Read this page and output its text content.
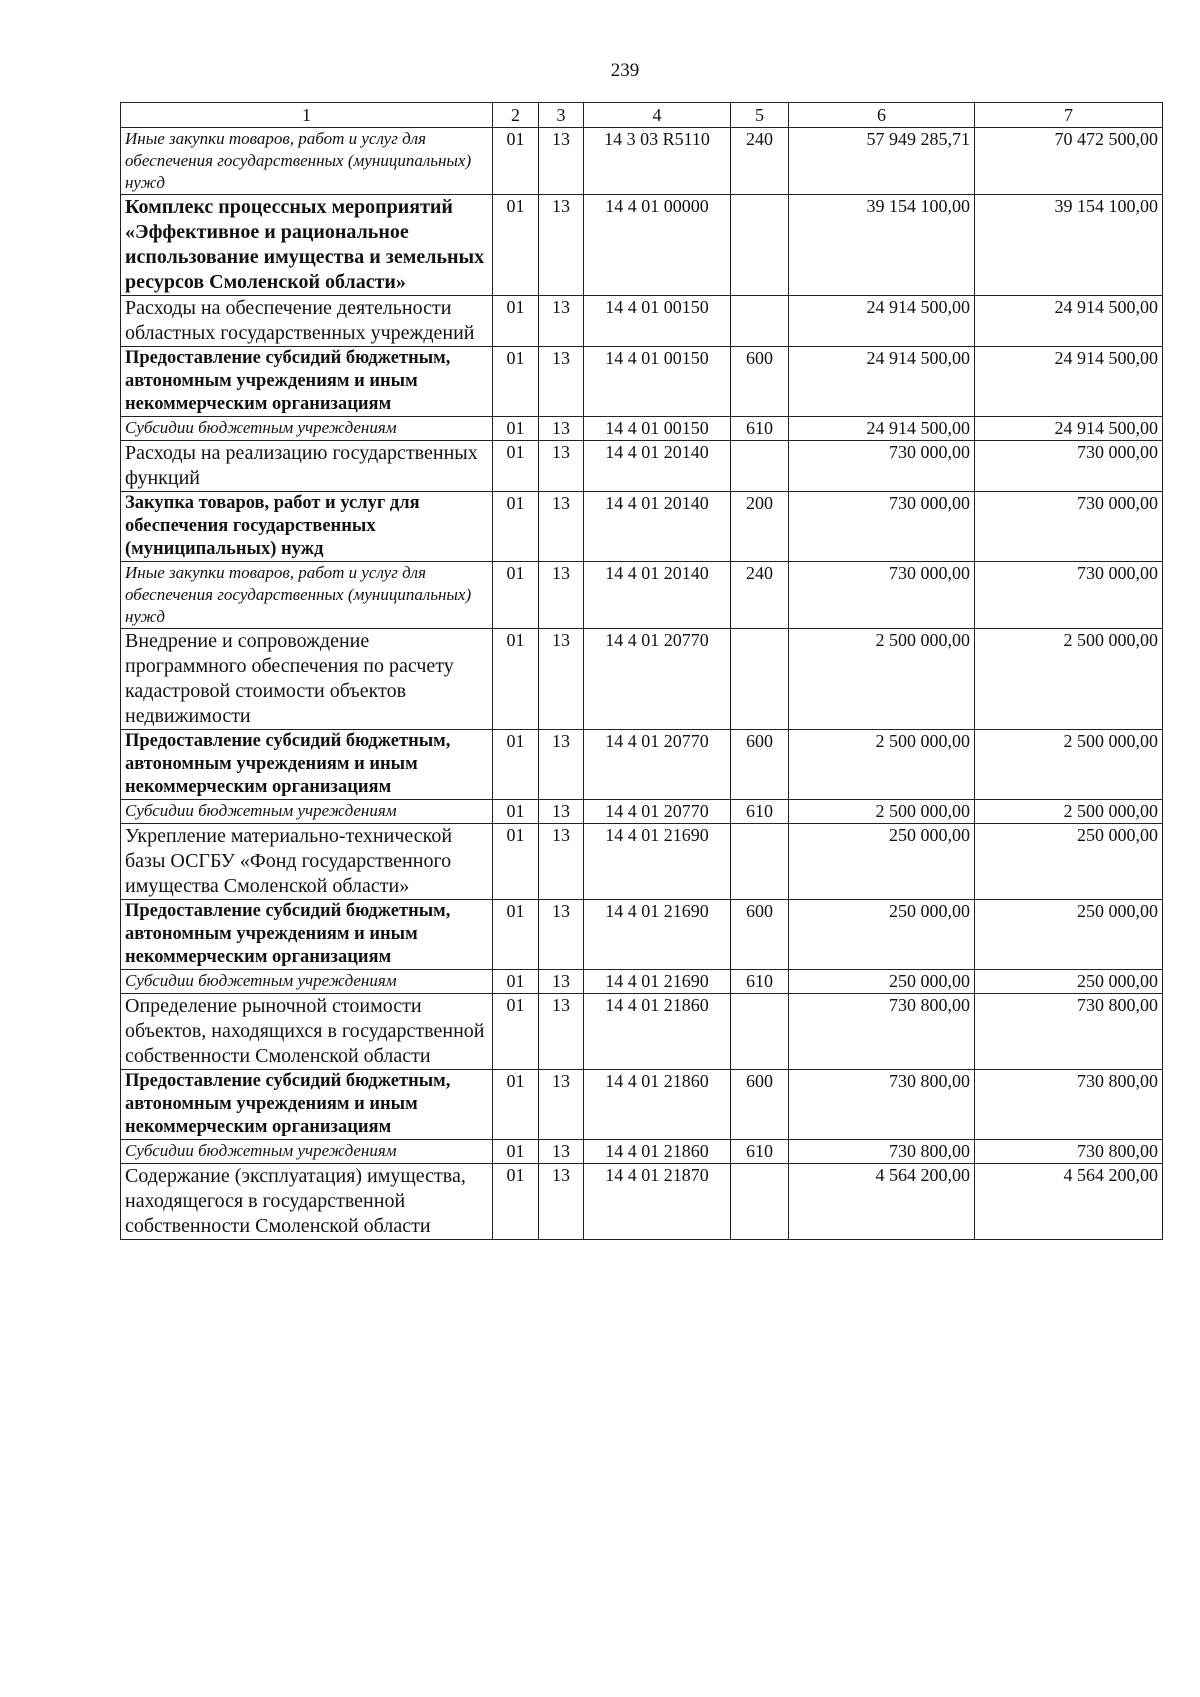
239
1	2	3	4	5	6	7
Иные закупки товаров, работ и услуг для обеспечения государственных (муниципальных) нужд	01	13	14 3 03 R5110	240	57 949 285,71	70 472 500,00
Комплекс процессных мероприятий «Эффективное и рациональное использование имущества и земельных ресурсов Смоленской области»	01	13	14 4 01 00000		39 154 100,00	39 154 100,00
Расходы на обеспечение деятельности областных государственных учреждений	01	13	14 4 01 00150		24 914 500,00	24 914 500,00
Предоставление субсидий бюджетным, автономным учреждениям и иным некоммерческим организациям	01	13	14 4 01 00150	600	24 914 500,00	24 914 500,00
Субсидии бюджетным учреждениям	01	13	14 4 01 00150	610	24 914 500,00	24 914 500,00
Расходы на реализацию государственных функций	01	13	14 4 01 20140		730 000,00	730 000,00
Закупка товаров, работ и услуг для обеспечения государственных (муниципальных) нужд	01	13	14 4 01 20140	200	730 000,00	730 000,00
Иные закупки товаров, работ и услуг для обеспечения государственных (муниципальных) нужд	01	13	14 4 01 20140	240	730 000,00	730 000,00
Внедрение и сопровождение программного обеспечения по расчету кадастровой стоимости объектов недвижимости	01	13	14 4 01 20770		2 500 000,00	2 500 000,00
Предоставление субсидий бюджетным, автономным учреждениям и иным некоммерческим организациям	01	13	14 4 01 20770	600	2 500 000,00	2 500 000,00
Субсидии бюджетным учреждениям	01	13	14 4 01 20770	610	2 500 000,00	2 500 000,00
Укрепление материально-технической базы ОСГБУ «Фонд государственного имущества Смоленской области»	01	13	14 4 01 21690		250 000,00	250 000,00
Предоставление субсидий бюджетным, автономным учреждениям и иным некоммерческим организациям	01	13	14 4 01 21690	600	250 000,00	250 000,00
Субсидии бюджетным учреждениям	01	13	14 4 01 21690	610	250 000,00	250 000,00
Определение рыночной стоимости объектов, находящихся в государственной собственности Смоленской области	01	13	14 4 01 21860		730 800,00	730 800,00
Предоставление субсидий бюджетным, автономным учреждениям и иным некоммерческим организациям	01	13	14 4 01 21860	600	730 800,00	730 800,00
Субсидии бюджетным учреждениям	01	13	14 4 01 21860	610	730 800,00	730 800,00
Содержание (эксплуатация) имущества, находящегося в государственной собственности Смоленской области	01	13	14 4 01 21870		4 564 200,00	4 564 200,00
